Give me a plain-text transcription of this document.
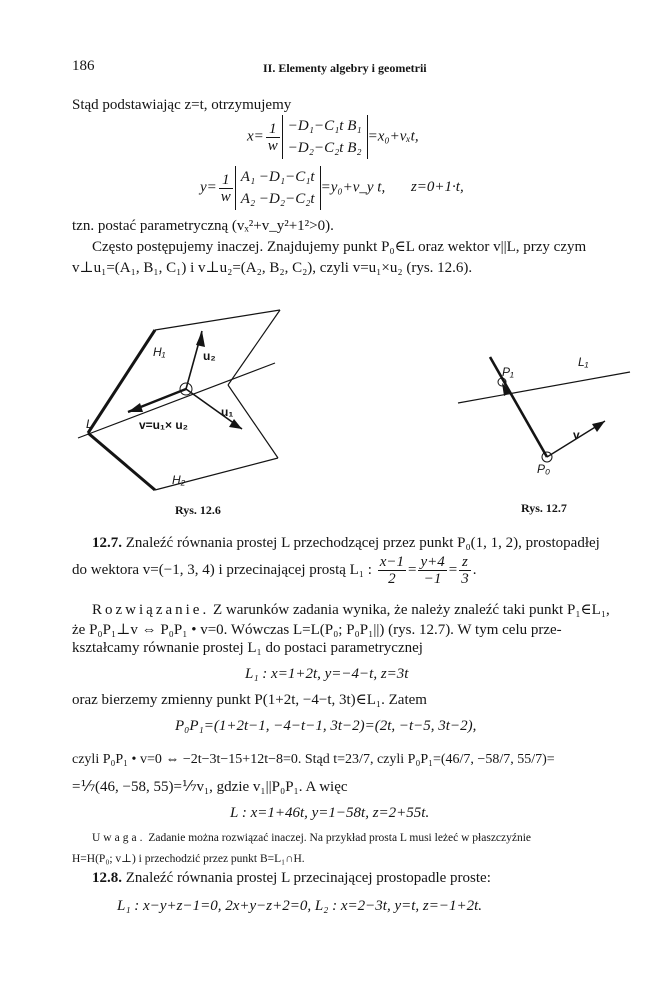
186	II. Elementy algebry i geometrii
Stąd podstawiając z=t, otrzymujemy
$x= \frac{1}{w} -D_1-C_1t$ B₁
−D₂−C₂t B₂
=x₀+vₓt,
$y= \frac{1}{w} A_1 -D_1-C_1t$
A₂ −D₂−C₂t
=y₀+v_y t, z=0+1·t,
tzn. postać parametryczną (vₓ²+v_y²+1²>0).
Często postępujemy inaczej. Znajdujemy punkt P₀∈L oraz wektor v||L, przy czym
v⊥u₁=(A₁, B₁, C₁) i v⊥u₂=(A₂, B₂, C₂), czyli v=u₁×u₂ (rys. 12.6).
H₁
H₂
L
u₂
u₁
v=u₁× u₂
Rys. 12.6
L₁
P₁
P₀
v
Rys. 12.7
12.7. Znaleźć równania prostej L przechodzącej przez punkt P₀(1, 1, 2), prostopadłej
do wektora v=(−1, 3, 4) i przecinającej prostą L₁ : $\frac{x-1}{2} = \frac{y+4}{-1} = \frac{z}{3}$ .
Rozwiązanie. Z warunków zadania wynika, że należy znaleźć taki punkt P₁∈L₁,
że P₀P₁⊥v ⇔ P₀P₁ • v=0. Wówczas L=L(P₀; P₀P₁||) (rys. 12.7). W tym celu prze-
kształcamy równanie prostej L₁ do postaci parametrycznej
L₁ : x=1+2t, y=−4−t, z=3t
oraz bierzemy zmienny punkt P(1+2t, −4−t, 3t)∈L₁. Zatem
P₀P₁=(1+2t−1, −4−t−1, 3t−2)=(2t, −t−5, 3t−2),
czyli P₀P₁ • v=0 ⇔ −2t−3t−15+12t−8=0. Stąd t=23/7, czyli P₀P₁=(46/7, −58/7, 55/7)=
=⅐(46, −58, 55)=⅐v₁, gdzie v₁||P₀P₁. A więc
L : x=1+46t, y=1−58t, z=2+55t.
Uwaga. Zadanie można rozwiązać inaczej. Na przykład prosta L musi leżeć w płaszczyźnie
H=H(P₀; v⊥) i przechodzić przez punkt B=L₁∩H.
12.8. Znaleźć równania prostej L przecinającej prostopadle proste:
L₁ : x−y+z−1=0, 2x+y−z+2=0, L₂ : x=2−3t, y=t, z=−1+2t.
